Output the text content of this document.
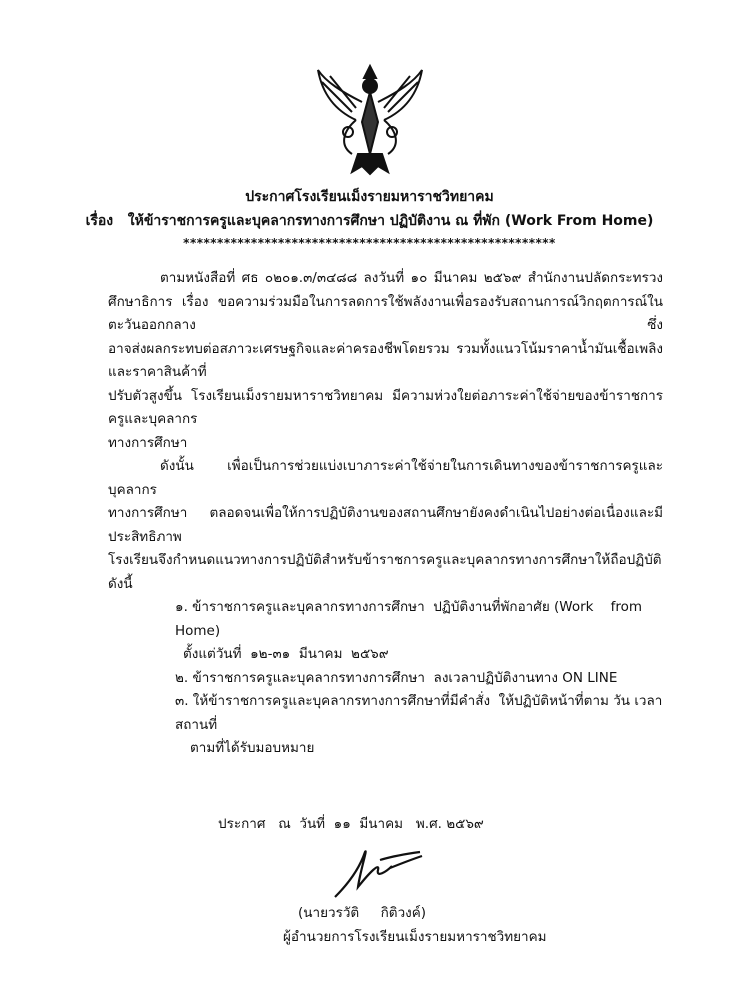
ประกาศโรงเรียนเม็งรายมหาราชวิทยาคม
เรื่อง   ให้ข้าราชการครูและบุคลากรทางการศึกษา ปฏิบัติงาน ณ ที่พัก (Work From Home)
*******************************************************
ตามหนังสือที่ ศธ ๐๒๐๑.๓/๓๔๘๘ ลงวันที่ ๑๐ มีนาคม ๒๕๖๙ สำนักงานปลัดกระทรวง
ศึกษาธิการ เรื่อง ขอความร่วมมือในการลดการใช้พลังงานเพื่อรองรับสถานการณ์วิกฤตการณ์ในตะวันออกกลาง ซึ่ง
อาจส่งผลกระทบต่อสภาวะเศรษฐกิจและค่าครองชีพโดยรวม รวมทั้งแนวโน้มราคาน้ำมันเชื้อเพลิงและราคาสินค้าที่
ปรับตัวสูงขึ้น โรงเรียนเม็งรายมหาราชวิทยาคม มีความห่วงใยต่อภาระค่าใช้จ่ายของข้าราชการครูและบุคลากร
ทางการศึกษา
ดังนั้น เพื่อเป็นการช่วยแบ่งเบาภาระค่าใช้จ่ายในการเดินทางของข้าราชการครูและบุคลากร
ทางการศึกษา ตลอดจนเพื่อให้การปฏิบัติงานของสถานศึกษายังคงดำเนินไปอย่างต่อเนื่องและมีประสิทธิภาพ
โรงเรียนจึงกำหนดแนวทางการปฏิบัติสำหรับข้าราชการครูและบุคลากรทางการศึกษาให้ถือปฏิบัติ ดังนี้
๑. ข้าราชการครูและบุคลากรทางการศึกษา  ปฏิบัติงานที่พักอาศัย (Work    from    Home)
ตั้งแต่วันที่  ๑๒-๓๑  มีนาคม  ๒๕๖๙
๒. ข้าราชการครูและบุคลากรทางการศึกษา  ลงเวลาปฏิบัติงานทาง ON LINE
๓. ให้ข้าราชการครูและบุคลากรทางการศึกษาที่มีคำสั่ง  ให้ปฏิบัติหน้าที่ตาม วัน เวลา สถานที่
ตามที่ได้รับมอบหมาย
ประกาศ   ณ  วันที่  ๑๑  มีนาคม   พ.ศ. ๒๕๖๙
(นายวรวัติ     กิติวงค์)
ผู้อำนวยการโรงเรียนเม็งรายมหาราชวิทยาคม
